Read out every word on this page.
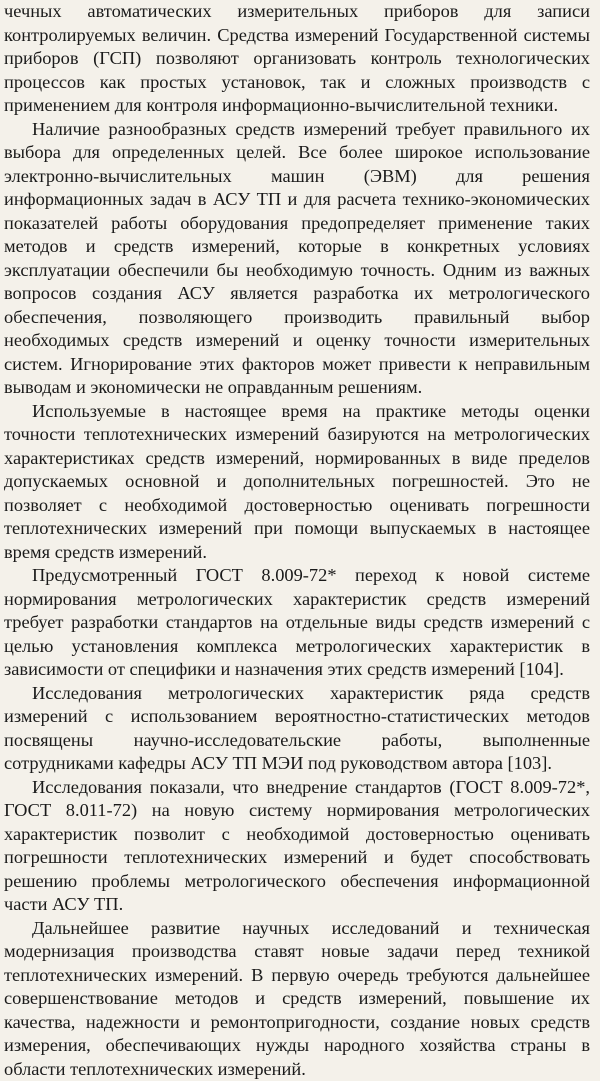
чечных автоматических измерительных приборов для записи контролируемых величин. Средства измерений Государственной системы приборов (ГСП) позволяют организовать контроль технологических процессов как простых установок, так и сложных производств с применением для контроля информационно-вычислительной техники.

Наличие разнообразных средств измерений требует правильного их выбора для определенных целей. Все более широкое использование электронно-вычислительных машин (ЭВМ) для решения информационных задач в АСУ ТП и для расчета технико-экономических показателей работы оборудования предопределяет применение таких методов и средств измерений, которые в конкретных условиях эксплуатации обеспечили бы необходимую точность. Одним из важных вопросов создания АСУ является разработка их метрологического обеспечения, позволяющего производить правильный выбор необходимых средств измерений и оценку точности измерительных систем. Игнорирование этих факторов может привести к неправильным выводам и экономически не оправданным решениям.

Используемые в настоящее время на практике методы оценки точности теплотехнических измерений базируются на метрологических характеристиках средств измерений, нормированных в виде пределов допускаемых основной и дополнительных погрешностей. Это не позволяет с необходимой достоверностью оценивать погрешности теплотехнических измерений при помощи выпускаемых в настоящее время средств измерений.

Предусмотренный ГОСТ 8.009-72* переход к новой системе нормирования метрологических характеристик средств измерений требует разработки стандартов на отдельные виды средств измерений с целью установления комплекса метрологических характеристик в зависимости от специфики и назначения этих средств измерений [104].

Исследования метрологических характеристик ряда средств измерений с использованием вероятностно-статистических методов посвящены научно-исследовательские работы, выполненные сотрудниками кафедры АСУ ТП МЭИ под руководством автора [103].

Исследования показали, что внедрение стандартов (ГОСТ 8.009-72*, ГОСТ 8.011-72) на новую систему нормирования метрологических характеристик позволит с необходимой достоверностью оценивать погрешности теплотехнических измерений и будет способствовать решению проблемы метрологического обеспечения информационной части АСУ ТП.

Дальнейшее развитие научных исследований и техническая модернизация производства ставят новые задачи перед техникой теплотехнических измерений. В первую очередь требуются дальнейшее совершенствование методов и средств измерений, повышение их качества, надежности и ремонтопригодности, создание новых средств измерения, обеспечивающих нужды народного хозяйства страны в области теплотехнических измерений.
